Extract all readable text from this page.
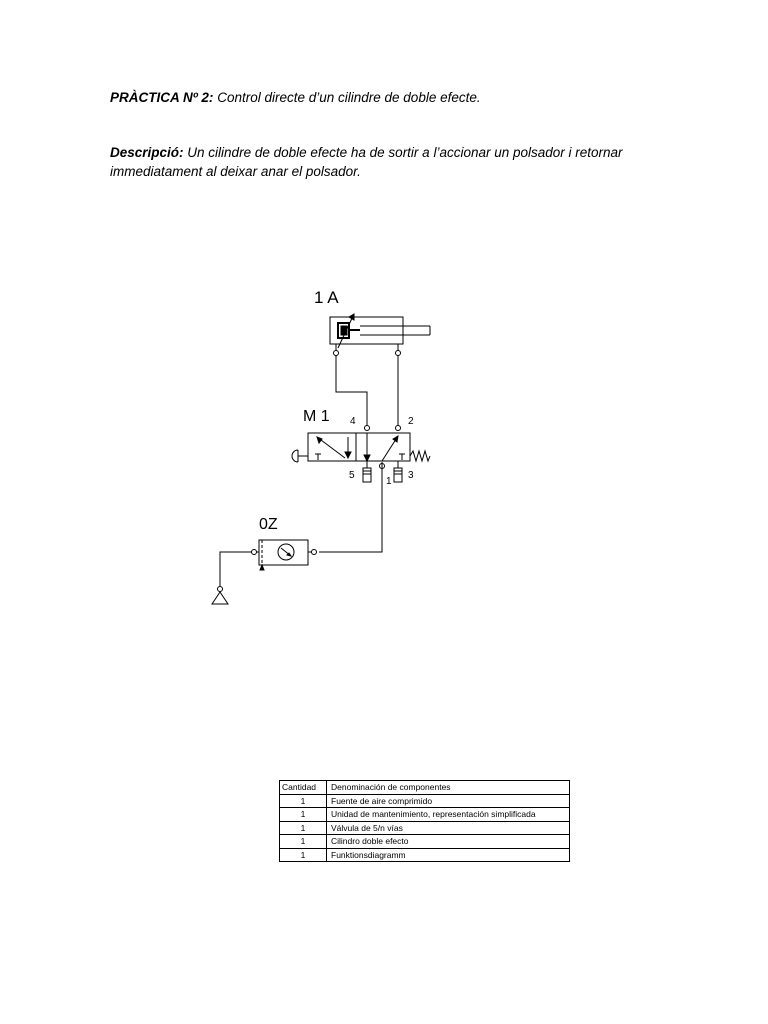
PRÀCTICA Nº 2: Control directe d’un cilindre de doble efecte.
Descripció: Un cilindre de doble efecte ha de sortir a l’accionar un polsador i retornar immediatament al deixar anar el polsador.
1 A
M 1
0Z
4	2
5
1
3
Cantidad	Denominación de componentes
1	Fuente de aire comprimido
1	Unidad de mantenimiento, representación simplificada
1	Válvula de 5/n vías
1	Cilindro doble efecto
1	Funktionsdiagramm
